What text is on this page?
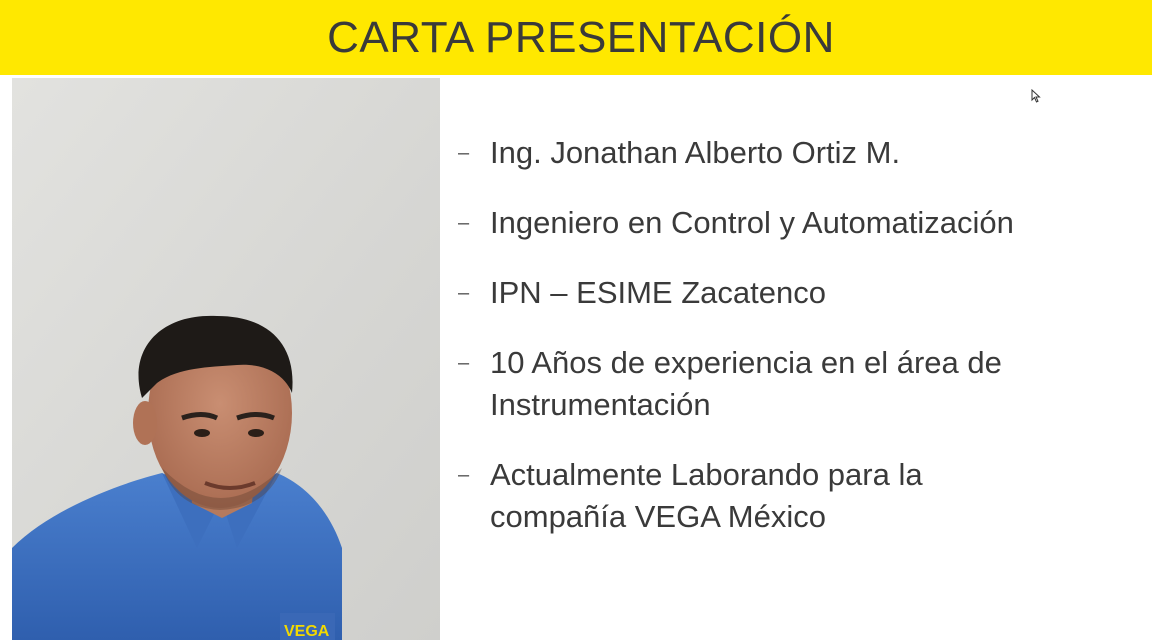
CARTA PRESENTACIÓN
VEGA
– Ing. Jonathan Alberto Ortiz M.
– Ingeniero en Control y Automatización
– IPN – ESIME Zacatenco
– 10 Años de experiencia en el área de Instrumentación
– Actualmente Laborando para la compañía VEGA México
